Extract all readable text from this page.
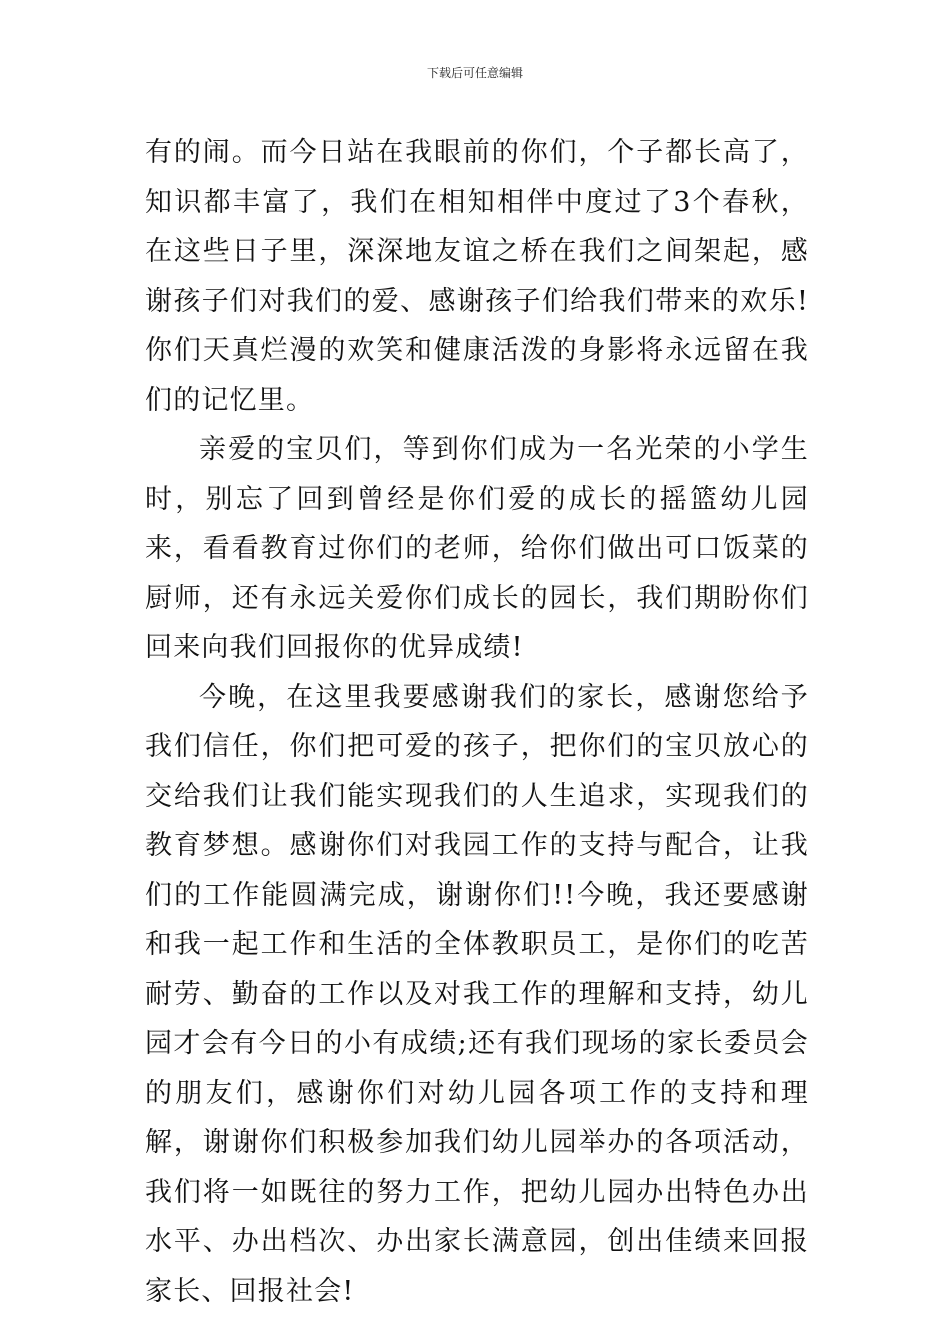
下载后可任意编辑

有的闹。而今日站在我眼前的你们，个子都长高了，知识都丰富了，我们在相知相伴中度过了3个春秋，在这些日子里，深深地友谊之桥在我们之间架起，感谢孩子们对我们的爱、感谢孩子们给我们带来的欢乐!你们天真烂漫的欢笑和健康活泼的身影将永远留在我们的记忆里。

亲爱的宝贝们，等到你们成为一名光荣的小学生时，别忘了回到曾经是你们爱的成长的摇篮幼儿园来，看看教育过你们的老师，给你们做出可口饭菜的厨师，还有永远关爱你们成长的园长，我们期盼你们回来向我们回报你的优异成绩!

今晚，在这里我要感谢我们的家长，感谢您给予我们信任，你们把可爱的孩子，把你们的宝贝放心的交给我们让我们能实现我们的人生追求，实现我们的教育梦想。感谢你们对我园工作的支持与配合，让我们的工作能圆满完成，谢谢你们!!今晚，我还要感谢和我一起工作和生活的全体教职员工，是你们的吃苦耐劳、勤奋的工作以及对我工作的理解和支持，幼儿园才会有今日的小有成绩;还有我们现场的家长委员会的朋友们，感谢你们对幼儿园各项工作的支持和理解，谢谢你们积极参加我们幼儿园举办的各项活动，我们将一如既往的努力工作，把幼儿园办出特色办出水平、办出档次、办出家长满意园，创出佳绩来回报家长、回报社会!
